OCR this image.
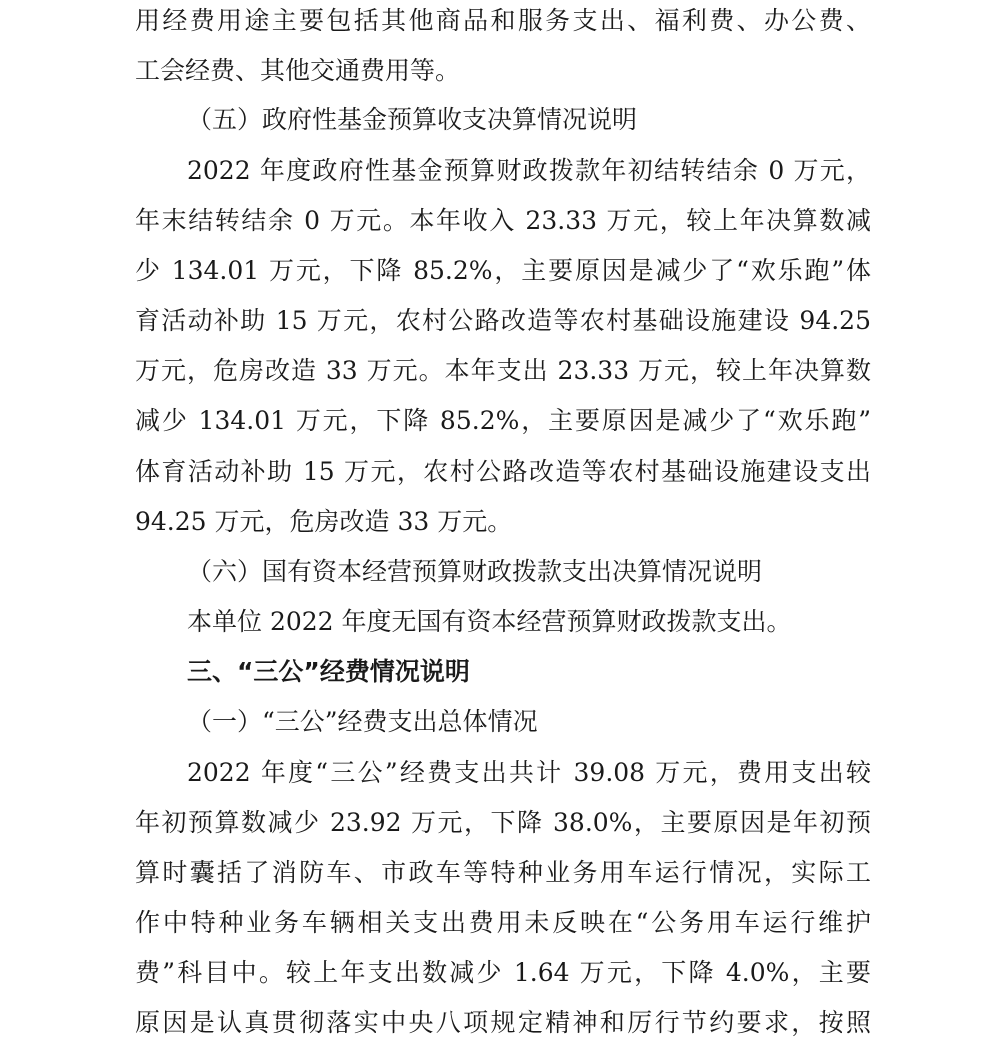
用经费用途主要包括其他商品和服务支出、福利费、办公费、

工会经费、其他交通费用等。

（五）政府性基金预算收支决算情况说明

2022 年度政府性基金预算财政拨款年初结转结余 0 万元，

年末结转结余 0 万元。本年收入 23.33 万元，较上年决算数减

少 134.01 万元，下降 85.2%，主要原因是减少了“欢乐跑”体

育活动补助 15 万元，农村公路改造等农村基础设施建设 94.25

万元，危房改造 33 万元。本年支出 23.33 万元，较上年决算数

减少 134.01 万元，下降 85.2%，主要原因是减少了“欢乐跑”

体育活动补助 15 万元，农村公路改造等农村基础设施建设支出

94.25 万元，危房改造 33 万元。

（六）国有资本经营预算财政拨款支出决算情况说明

本单位 2022 年度无国有资本经营预算财政拨款支出。

三、“三公”经费情况说明

（一）“三公”经费支出总体情况

2022 年度“三公”经费支出共计 39.08 万元，费用支出较

年初预算数减少 23.92 万元，下降 38.0%，主要原因是年初预

算时囊括了消防车、市政车等特种业务用车运行情况，实际工

作中特种业务车辆相关支出费用未反映在“公务用车运行维护

费”科目中。较上年支出数减少 1.64 万元，下降 4.0%，主要

原因是认真贯彻落实中央八项规定精神和厉行节约要求，按照
